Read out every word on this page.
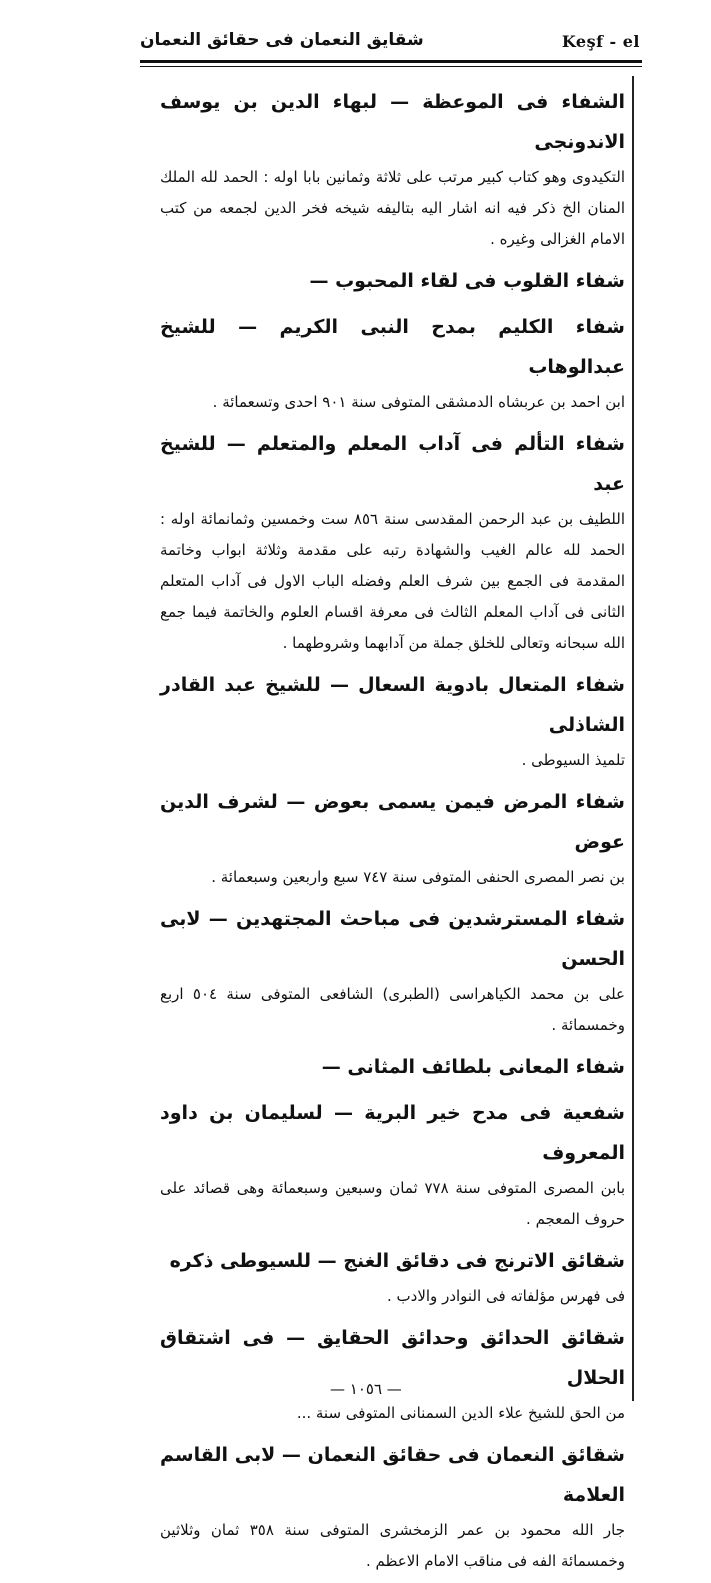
شقايق النعمان فى حقائق النعمان	Keşf - el
الشفاء فى الموعظة — لبهاء الدين بن يوسف الاندونجى
التكيدوى وهو كتاب كبير مرتب على ثلاثة وثمانين بابا اوله : الحمد لله الملك المنان الخ ذكر فيه انه اشار اليه بتاليفه شيخه فخر الدين لجمعه من كتب الامام الغزالى وغيره .
شفاء القلوب فى لقاء المحبوب —
شفاء الكليم بمدح النبى الكريم — للشيخ عبدالوهاب
ابن احمد بن عربشاه الدمشقى المتوفى سنة ٩٠١ احدى وتسعمائة .
شفاء التألم فى آداب المعلم والمتعلم — للشيخ عبد
اللطيف بن عبد الرحمن المقدسى سنة ٨٥٦ ست وخمسين وثمانمائة اوله : الحمد لله عالم الغيب والشهادة رتبه على مقدمة وثلاثة ابواب وخاتمة المقدمة فى الجمع بين شرف العلم وفضله الباب الاول فى آداب المتعلم الثانى فى آداب المعلم الثالث فى معرفة اقسام العلوم والخاتمة فيما جمع الله سبحانه وتعالى للخلق جملة من آدابهما وشروطهما .
شفاء المتعال بادوية السعال — للشيخ عبد القادر الشاذلى
تلميذ السيوطى .
شفاء المرض فيمن يسمى بعوض — لشرف الدين عوض
بن نصر المصرى الحنفى المتوفى سنة ٧٤٧ سبع واربعين وسبعمائة .
شفاء المسترشدين فى مباحث المجتهدين — لابى الحسن
على بن محمد الكياهراسى (الطبرى) الشافعى المتوفى سنة ٥٠٤ اربع وخمسمائة .
شفاء المعانى بلطائف المثانى —
شفعية فى مدح خير البرية — لسليمان بن داود المعروف
بابن المصرى المتوفى سنة ٧٧٨ ثمان وسبعين وسبعمائة وهى قصائد على حروف المعجم .
شقائق الاترنج فى دقائق الغنج — للسيوطى ذكره
فى فهرس مؤلفاته فى النوادر والادب .
شقائق الحدائق وحدائق الحقايق — فى اشتقاق الحلال
من الحق للشيخ علاء الدين السمنانى المتوفى سنة ...
شقائق النعمان فى حقائق النعمان — لابى القاسم العلامة
جار الله محمود بن عمر الزمخشرى المتوفى سنة ٣٥٨ ثمان وثلاثين وخمسمائة الفه فى مناقب الامام الاعظم .
— ١٠٥٦ —
